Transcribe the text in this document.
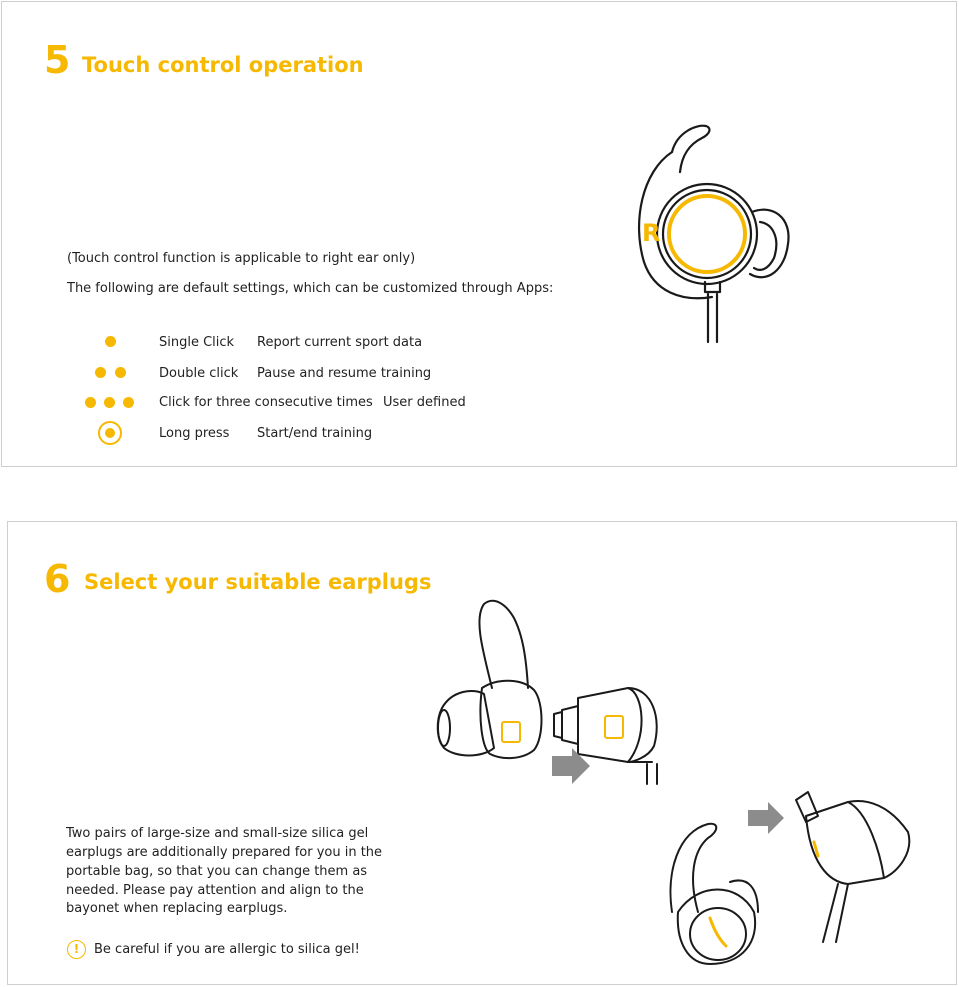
5 Touch control operation
(Touch control function is applicable to right ear only)
The following are default settings, which can be customized through Apps:
Single Click Report current sport data
Double click Pause and resume training
Click for three consecutive times User defined
Long press Start/end training
R
6 Select your suitable earplugs
Two pairs of large-size and small-size silica gel
earplugs are additionally prepared for you in the
portable bag, so that you can change them as
needed. Please pay attention and align to the
bayonet when replacing earplugs.
!	Be careful if you are allergic to silica gel!
